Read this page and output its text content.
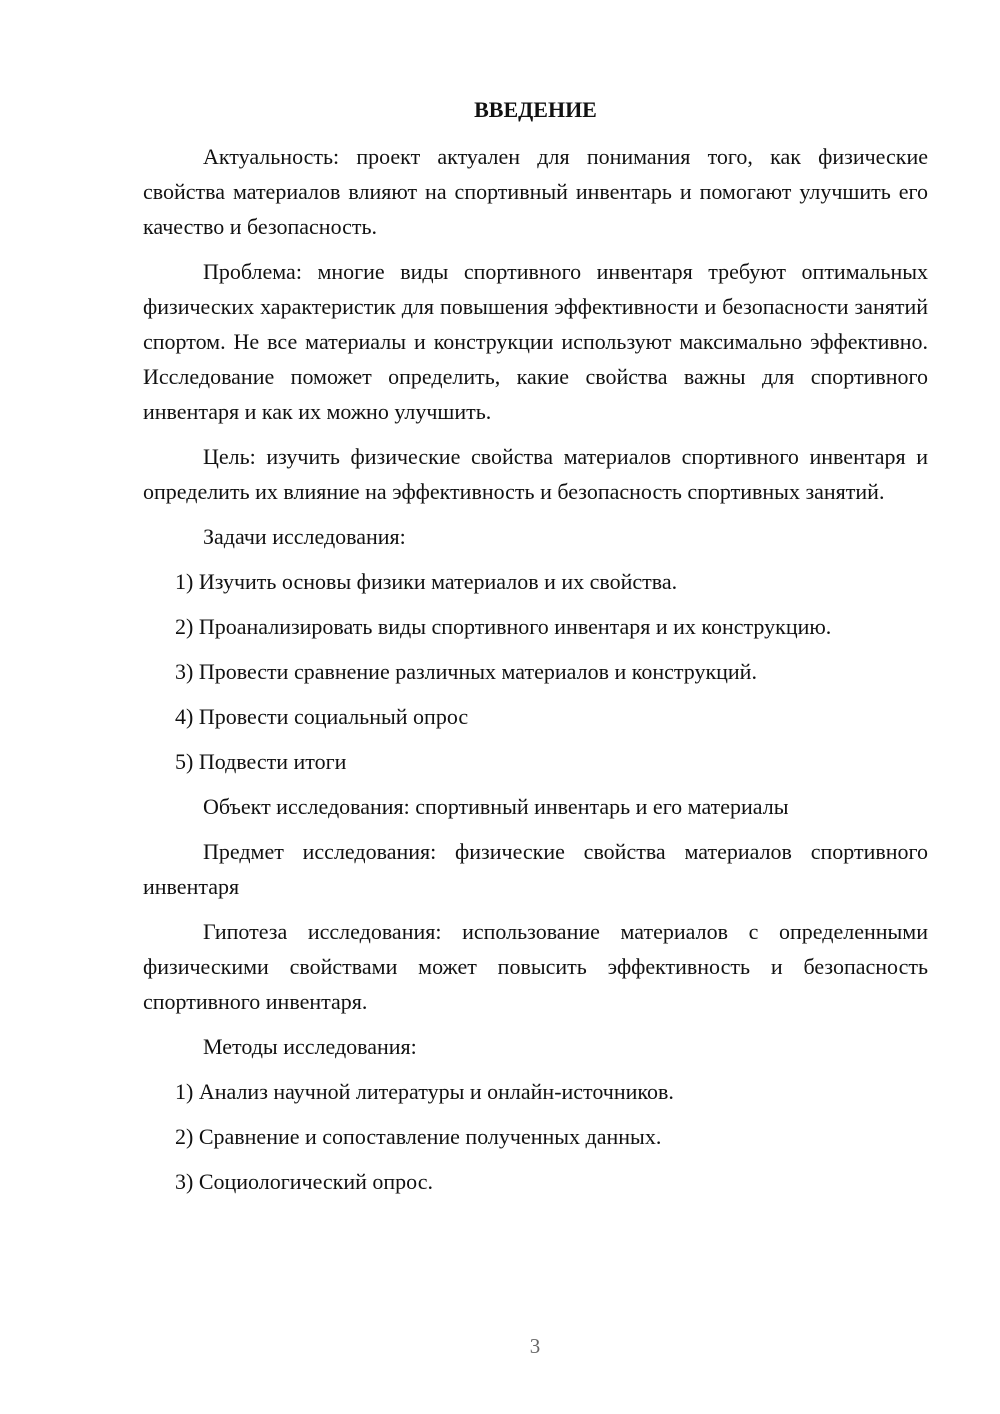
ВВЕДЕНИЕ

Актуальность: проект актуален для понимания того, как физические свойства материалов влияют на спортивный инвентарь и помогают улучшить его качество и безопасность.

Проблема: многие виды спортивного инвентаря требуют оптимальных физических характеристик для повышения эффективности и безопасности занятий спортом. Не все материалы и конструкции используют максимально эффективно. Исследование поможет определить, какие свойства важны для спортивного инвентаря и как их можно улучшить.

Цель: изучить физические свойства материалов спортивного инвентаря и определить их влияние на эффективность и безопасность спортивных занятий.

Задачи исследования:

1) Изучить основы физики материалов и их свойства.
2) Проанализировать виды спортивного инвентаря и их конструкцию.
3) Провести сравнение различных материалов и конструкций.
4) Провести социальный опрос
5) Подвести итоги

Объект исследования: спортивный инвентарь и его материалы

Предмет исследования: физические свойства материалов спортивного инвентаря

Гипотеза исследования: использование материалов с определенными физическими свойствами может повысить эффективность и безопасность спортивного инвентаря.

Методы исследования:

1) Анализ научной литературы и онлайн-источников.
2) Сравнение и сопоставление полученных данных.
3) Социологический опрос.
3
